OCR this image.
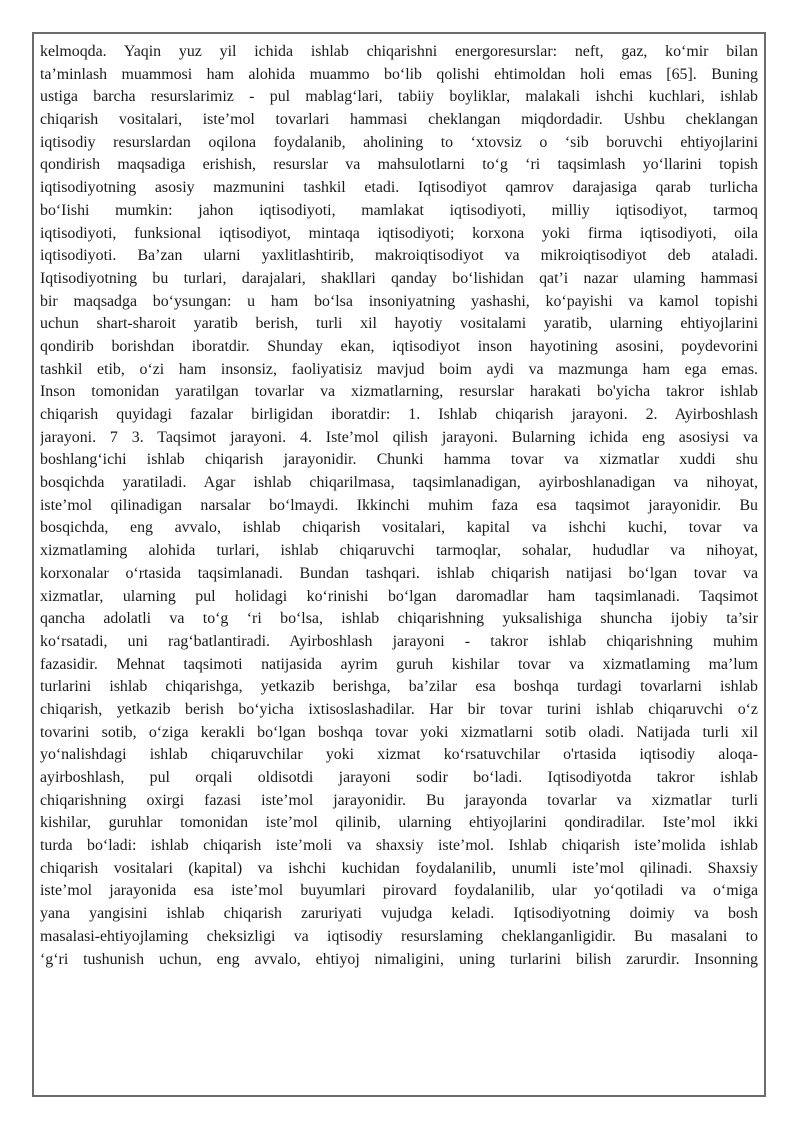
kelmoqda. Yaqin yuz yil ichida ishlab chiqarishni energoresurslar: neft, gaz, ko‘mir bilan
ta’minlash muammosi ham alohida muammo bo‘lib qolishi ehtimoldan holi emas [65]. Buning
ustiga barcha resurslarimiz - pul mablag‘lari, tabiiy boyliklar, malakali ishchi kuchlari, ishlab
chiqarish vositalari, iste’mol tovarlari hammasi cheklangan miqdordadir. Ushbu cheklangan
iqtisodiy resurslardan oqilona foydalanib, aholining to ‘xtovsiz o ‘sib boruvchi ehtiyojlarini
qondirish maqsadiga erishish, resurslar va mahsulotlarni to‘g ‘ri taqsimlash yo‘llarini topish
iqtisodiyotning asosiy mazmunini tashkil etadi. Iqtisodiyot qamrov darajasiga qarab turlicha
bo‘Iishi mumkin: jahon iqtisodiyoti, mamlakat iqtisodiyoti, milliy iqtisodiyot, tarmoq
iqtisodiyoti, funksional iqtisodiyot, mintaqa iqtisodiyoti; korxona yoki firma iqtisodiyoti, oila
iqtisodiyoti. Ba’zan ularni yaxlitlashtirib, makroiqtisodiyot va mikroiqtisodiyot deb ataladi.
Iqtisodiyotning bu turlari, darajalari, shakllari qanday bo‘lishidan qat’i nazar ulaming hammasi
bir maqsadga bo‘ysungan: u ham bo‘lsa insoniyatning yashashi, ko‘payishi va kamol topishi
uchun shart-sharoit yaratib berish, turli xil hayotiy vositalami yaratib, ularning ehtiyojlarini
qondirib borishdan iboratdir. Shunday ekan, iqtisodiyot inson hayotining asosini, poydevorini
tashkil etib, o‘zi ham insonsiz, faoliyatisiz mavjud boim aydi va mazmunga ham ega emas.
Inson tomonidan yaratilgan tovarlar va xizmatlarning, resurslar harakati bo'yicha takror ishlab
chiqarish quyidagi fazalar birligidan iboratdir: 1. Ishlab chiqarish jarayoni. 2. Ayirboshlash
jarayoni. 7 3. Taqsimot jarayoni. 4. Iste’mol qilish jarayoni. Bularning ichida eng asosiysi va
boshlang‘ichi ishlab chiqarish jarayonidir. Chunki hamma tovar va xizmatlar xuddi shu
bosqichda yaratiladi. Agar ishlab chiqarilmasa, taqsimlanadigan, ayirboshlanadigan va nihoyat,
iste’mol qilinadigan narsalar bo‘lmaydi. Ikkinchi muhim faza esa taqsimot jarayonidir. Bu
bosqichda, eng avvalo, ishlab chiqarish vositalari, kapital va ishchi kuchi, tovar va
xizmatlaming alohida turlari, ishlab chiqaruvchi tarmoqlar, sohalar, hududlar va nihoyat,
korxonalar o‘rtasida taqsimlanadi. Bundan tashqari. ishlab chiqarish natijasi bo‘lgan tovar va
xizmatlar, ularning pul holidagi ko‘rinishi bo‘lgan daromadlar ham taqsimlanadi. Taqsimot
qancha adolatli va to‘g ‘ri bo‘lsa, ishlab chiqarishning yuksalishiga shuncha ijobiy ta’sir
ko‘rsatadi, uni rag‘batlantiradi. Ayirboshlash jarayoni - takror ishlab chiqarishning muhim
fazasidir. Mehnat taqsimoti natijasida ayrim guruh kishilar tovar va xizmatlaming ma’lum
turlarini ishlab chiqarishga, yetkazib berishga, ba’zilar esa boshqa turdagi tovarlarni ishlab
chiqarish, yetkazib berish bo‘yicha ixtisoslashadilar. Har bir tovar turini ishlab chiqaruvchi o‘z
tovarini sotib, o‘ziga kerakli bo‘lgan boshqa tovar yoki xizmatlarni sotib oladi. Natijada turli xil
yo‘nalishdagi ishlab chiqaruvchilar yoki xizmat ko‘rsatuvchilar o'rtasida iqtisodiy aloqa-
ayirboshlash, pul orqali oldisotdi jarayoni sodir bo‘ladi. Iqtisodiyotda takror ishlab
chiqarishning oxirgi fazasi iste’mol jarayonidir. Bu jarayonda tovarlar va xizmatlar turli
kishilar, guruhlar tomonidan iste’mol qilinib, ularning ehtiyojlarini qondiradilar. Iste’mol ikki
turda bo‘ladi: ishlab chiqarish iste’moli va shaxsiy iste’mol. Ishlab chiqarish iste’molida ishlab
chiqarish vositalari (kapital) va ishchi kuchidan foydalanilib, unumli iste’mol qilinadi. Shaxsiy
iste’mol jarayonida esa iste’mol buyumlari pirovard foydalanilib, ular yo‘qotiladi va o‘miga
yana yangisini ishlab chiqarish zaruriyati vujudga keladi. Iqtisodiyotning doimiy va bosh
masalasi-ehtiyojlaming cheksizligi va iqtisodiy resurslaming cheklanganligidir. Bu masalani to
‘g‘ri tushunish uchun, eng avvalo, ehtiyoj nimaligini, uning turlarini bilish zarurdir. Insonning
